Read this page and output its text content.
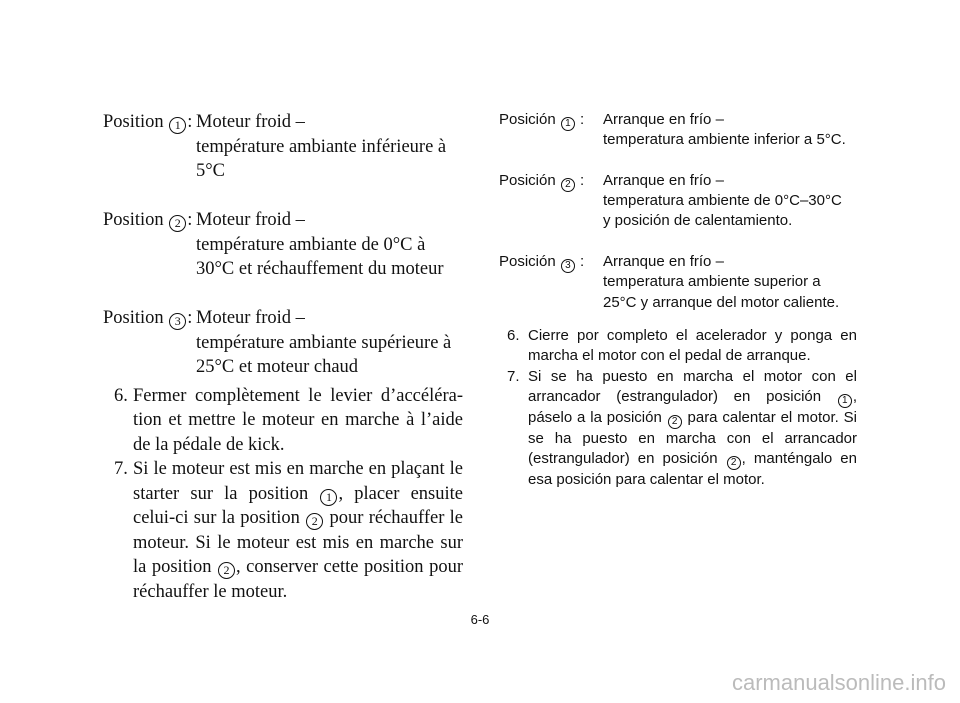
Position 1 : Moteur froid –
température ambiante inférieure à
5°C
Position 2 : Moteur froid –
température ambiante de 0°C à
30°C et réchauffement du moteur
Position 3 : Moteur froid –
température ambiante supérieure à
25°C et moteur chaud
6. Fermer complètement le levier d’accéléra-tion et mettre le moteur en marche à l’aide de la pédale de kick.
7. Si le moteur est mis en marche en plaçant le starter sur la position 1 , placer ensuite celui-ci sur la position 2 pour réchauffer le moteur. Si le moteur est mis en marche sur la position 2 , conserver cette position pour réchauffer le moteur.
Posición 1 :	Arranque en frío –
temperatura ambiente inferior a 5°C.
Posición 2 :	Arranque en frío –
temperatura ambiente de 0°C–30°C
y posición de calentamiento.
Posición 3 :	Arranque en frío –
temperatura ambiente superior a
25°C y arranque del motor caliente.
6. Cierre por completo el acelerador y ponga en marcha el motor con el pedal de arranque.
7. Si se ha puesto en marcha el motor con el arrancador (estrangulador) en posición 1 , páselo a la posición 2 para calentar el motor. Si se ha puesto en marcha con el arrancador (estrangulador) en posición 2 , manténgalo en esa posición para calentar el motor.
6-6
carmanualsonline.info
